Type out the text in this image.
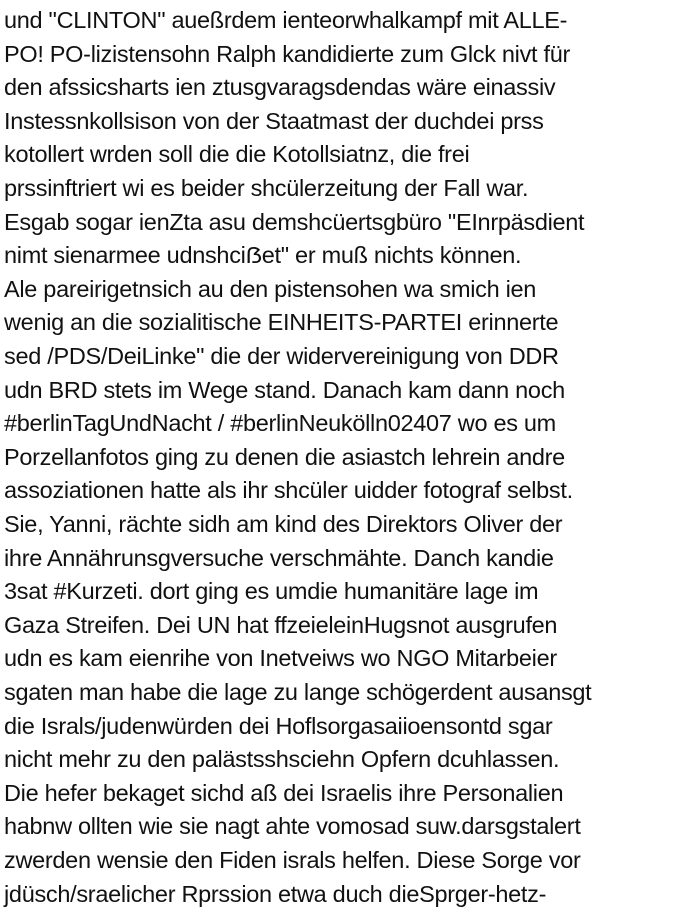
und "CLINTON" aueßrdem ienteorwhalkampf mit ALLE-
PO! PO-lizistensohn Ralph kandidierte zum Glck nivt für
den afssicsharts ien ztusgvaragsdendas wäre einassiv
Instessnkollsison von der Staatmast der duchdei prss
kotollert wrden soll die die Kotollsiatnz, die frei
prssinftriert wi es beider shcülerzeitung der Fall war.
Esgab sogar ienZta asu demshcüertsgbüro "EInrpäsdient
nimt sienarmee udnshciẞet" er muß nichts können.
Ale pareirigetnsich au den pistensohen wa smich ien
wenig an die sozialitische EINHEITS-PARTEI erinnerte
sed /PDS/DeiLinke" die der widervereinigung von DDR
udn BRD stets im Wege stand. Danach kam dann noch
#berlinTagUndNacht / #berlinNeukölln02407 wo es um
Porzellanfotos ging zu denen die asiastch lehrein andre
assoziationen hatte als ihr shcüler uidder fotograf selbst.
Sie, Yanni, rächte sidh am kind des Direktors Oliver der
ihre Annährunsgversuche verschmähte. Danch kandie
3sat #Kurzeti. dort ging es umdie humanitäre lage im
Gaza Streifen. Dei UN hat ffzeieleinHugsnot ausgrufen
udn es kam eienrihe von Inetveiws wo NGO Mitarbeier
sgaten man habe die lage zu lange schögerdent ausansgt
die Israls/judenwürden dei Hoflsorgasaiioensontd sgar
nicht mehr zu den palästsshsciehn Opfern dcuhlassen.
Die hefer bekaget sichd aß dei Israelis ihre Personalien
habnw ollten wie sie nagt ahte vomosad suw.darsgstalert
zwerden wensie den Fiden israls helfen. Diese Sorge vor
jdüsch/sraelicher Rprssion etwa duch dieSprger-hetz-
